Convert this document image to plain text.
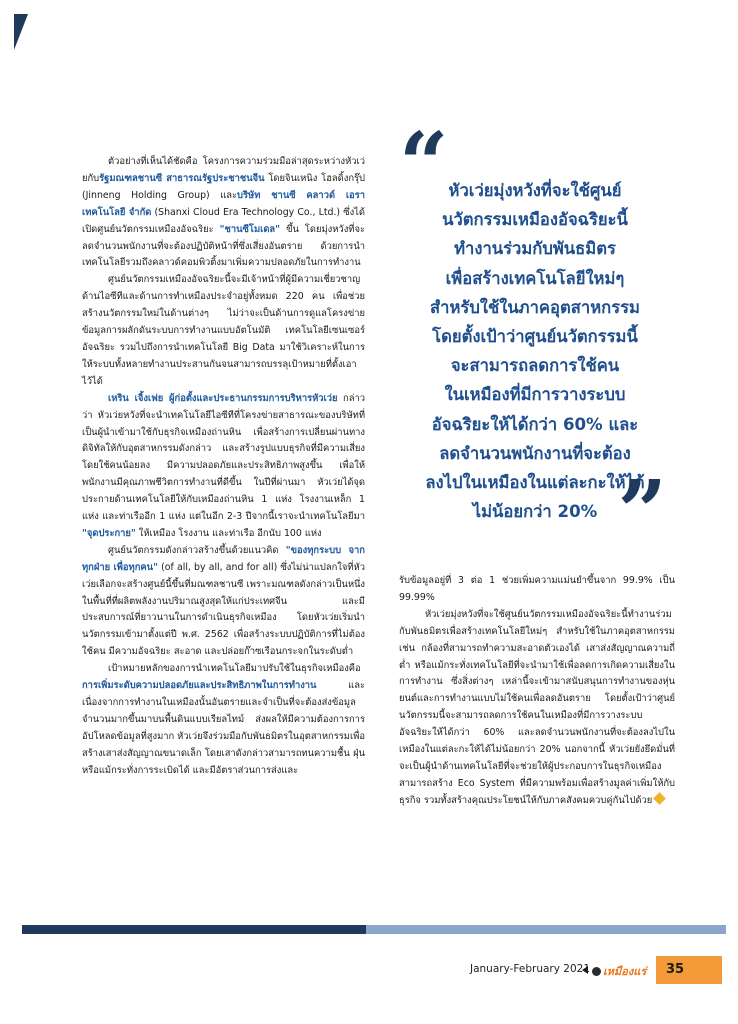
ตัวอย่างที่เห็นได้ชัดคือ โครงการความร่วมมือล่าสุดระหว่างหัวเว่ยกับรัฐมณฑลชานซี สาธารณรัฐประชาชนจีน โดยจินเหนิง โฮลดิ้งกรุ๊ป (Jinneng Holding Group) และบริษัท ชานซี คลาวด์ เอรา เทคโนโลยี จำกัด (Shanxi Cloud Era Technology Co., Ltd.) ซึ่งได้เปิดศูนย์นวัตกรรมเหมืองอัจฉริยะ "ชานซีโมเดล" ขึ้น โดยมุ่งหวังที่จะลดจำนวนพนักงานที่จะต้องปฏิบัติหน้าที่ซึ่งเสี่ยงอันตราย ด้วยการนำเทคโนโลยีรวมถึงคลาวด์คอมพิวติ้งมาเพิ่มความปลอดภัยในการทำงาน

ศูนย์นวัตกรรมเหมืองอัจฉริยะนี้จะมีเจ้าหน้าที่ผู้มีความเชี่ยวชาญด้านไอซีทีและด้านการทำเหมืองประจำอยู่ทั้งหมด 220 คน เพื่อช่วยสร้างนวัตกรรมใหม่ในด้านต่างๆ ไม่ว่าจะเป็นด้านการดูแลโครงข่ายข้อมูลการผลักดันระบบการทำงานแบบอัตโนมัติ เทคโนโลยีเซนเซอร์อัจฉริยะ รวมไปถึงการนำเทคโนโลยี Big Data มาใช้วิเคราะห์ในการให้ระบบทั้งหลายทำงานประสานกันจนสามารถบรรลุเป้าหมายที่ตั้งเอาไว้ได้

เหริน เจิ้งเฟย ผู้ก่อตั้งและประธานกรรมการบริหารหัวเว่ย กล่าวว่า หัวเว่ยหวังที่จะนำเทคโนโลยีไอซีทีที่โครงข่ายสาธารณะของบริษัทที่เป็นผู้นำเข้ามาใช้กับธุรกิจเหมืองถ่านหิน เพื่อสร้างการเปลี่ยนผ่านทางดิจิทัลให้กับอุตสาหกรรมดังกล่าว และสร้างรูปแบบธุรกิจที่มีความเสี่ยงโดยใช้คนน้อยลง มีความปลอดภัยและประสิทธิภาพสูงขึ้น เพื่อให้พนักงานมีคุณภาพชีวิตการทำงานที่ดีขึ้น ในปีที่ผ่านมา หัวเว่ยได้จุดประกายด้านเทคโนโลยีให้กับเหมืองถ่านหิน 1 แห่ง โรงงานเหล็ก 1 แห่ง และท่าเรืออีก 1 แห่ง แต่ในอีก 2-3 ปีจากนี้เราจะนำเทคโนโลยีมา "จุดประกาย" ให้เหมือง โรงงาน และท่าเรือ อีกนับ 100 แห่ง

ศูนย์นวัตกรรมดังกล่าวสร้างขึ้นด้วยแนวคิด "ของทุกระบบ จากทุกฝ่าย เพื่อทุกคน" (of all, by all, and for all) ซึ่งไม่น่าแปลกใจที่หัวเว่ยเลือกจะสร้างศูนย์นี้ขึ้นที่มณฑลชานซี เพราะมณฑลดังกล่าวเป็นหนึ่งในพื้นที่ที่ผลิตพลังงานปริมาณสูงสุดให้แก่ประเทศจีน และมีประสบการณ์ที่ยาวนานในการดำเนินธุรกิจเหมือง โดยหัวเว่ยเริ่มนำนวัตกรรมเข้ามาตั้งแต่ปี พ.ศ. 2562 เพื่อสร้างระบบปฏิบัติการที่ไม่ต้องใช้คน มีความอัจฉริยะ สะอาด และปล่อยก๊าซเรือนกระจกในระดับต่ำ

เป้าหมายหลักของการนำเทคโนโลยีมาปรับใช้ในธุรกิจเหมืองคือ การเพิ่มระดับความปลอดภัยและประสิทธิภาพในการทำงาน และเนื่องจากการทำงานในเหมืองนั้นอันตรายและจำเป็นที่จะต้องส่งข้อมูลจำนวนมากขึ้นมาบนพื้นดินแบบเรียลไทม์ ส่งผลให้มีความต้องการการอัปโหลดข้อมูลที่สูงมาก หัวเว่ยจึงร่วมมือกับพันธมิตรในอุตสาหกรรมเพื่อสร้างเสาส่งสัญญาณขนาดเล็ก โดยเสาดังกล่าวสามารถทนความชื้น ฝุ่น หรือแม้กระทั่งการระเบิดได้ และมีอัตราส่วนการส่งและ

“ หัวเว่ยมุ่งหวังที่จะใช้ศูนย์
นวัตกรรมเหมืองอัจฉริยะนี้
ทำงานร่วมกับพันธมิตร
เพื่อสร้างเทคโนโลยีใหม่ๆ
สำหรับใช้ในภาคอุตสาหกรรม
โดยตั้งเป้าว่าศูนย์นวัตกรรมนี้
จะสามารถลดการใช้คน
ในเหมืองที่มีการวางระบบ
อัจฉริยะให้ได้กว่า 60% และ
ลดจำนวนพนักงานที่จะต้อง
ลงไปในเหมืองในแต่ละกะให้ได้
ไม่น้อยกว่า 20% ”

รับข้อมูลอยู่ที่ 3 ต่อ 1 ช่วยเพิ่มความแม่นยำขึ้นจาก 99.9% เป็น 99.99%

หัวเว่ยมุ่งหวังที่จะใช้ศูนย์นวัตกรรมเหมืองอัจฉริยะนี้ทำงานร่วมกับพันธมิตรเพื่อสร้างเทคโนโลยีใหม่ๆ สำหรับใช้ในภาคอุตสาหกรรม เช่น กล้องที่สามารถทำความสะอาดตัวเองได้ เสาส่งสัญญาณความถี่ต่ำ หรือแม้กระทั่งเทคโนโลยีที่จะนำมาใช้เพื่อลดการเกิดความเสี่ยงในการทำงาน ซึ่งสิ่งต่างๆ เหล่านี้จะเข้ามาสนับสนุนการทำงานของหุ่นยนต์และการทำงานแบบไม่ใช้คนเพื่อลดอันตราย โดยตั้งเป้าว่าศูนย์นวัตกรรมนี้จะสามารถลดการใช้คนในเหมืองที่มีการวางระบบอัจฉริยะให้ได้กว่า 60% และลดจำนวนพนักงานที่จะต้องลงไปในเหมืองในแต่ละกะให้ได้ไม่น้อยกว่า 20% นอกจากนี้ หัวเว่ยยังยึดมั่นที่จะเป็นผู้นำด้านเทคโนโลยีที่จะช่วยให้ผู้ประกอบการในธุรกิจเหมืองสามารถสร้าง Eco System ที่มีความพร้อมเพื่อสร้างมูลค่าเพิ่มให้กับธุรกิจ รวมทั้งสร้างคุณประโยชน์ให้กับภาคสังคมควบคู่กันไปด้วย

January-February 2021	เหมืองแร่	35
